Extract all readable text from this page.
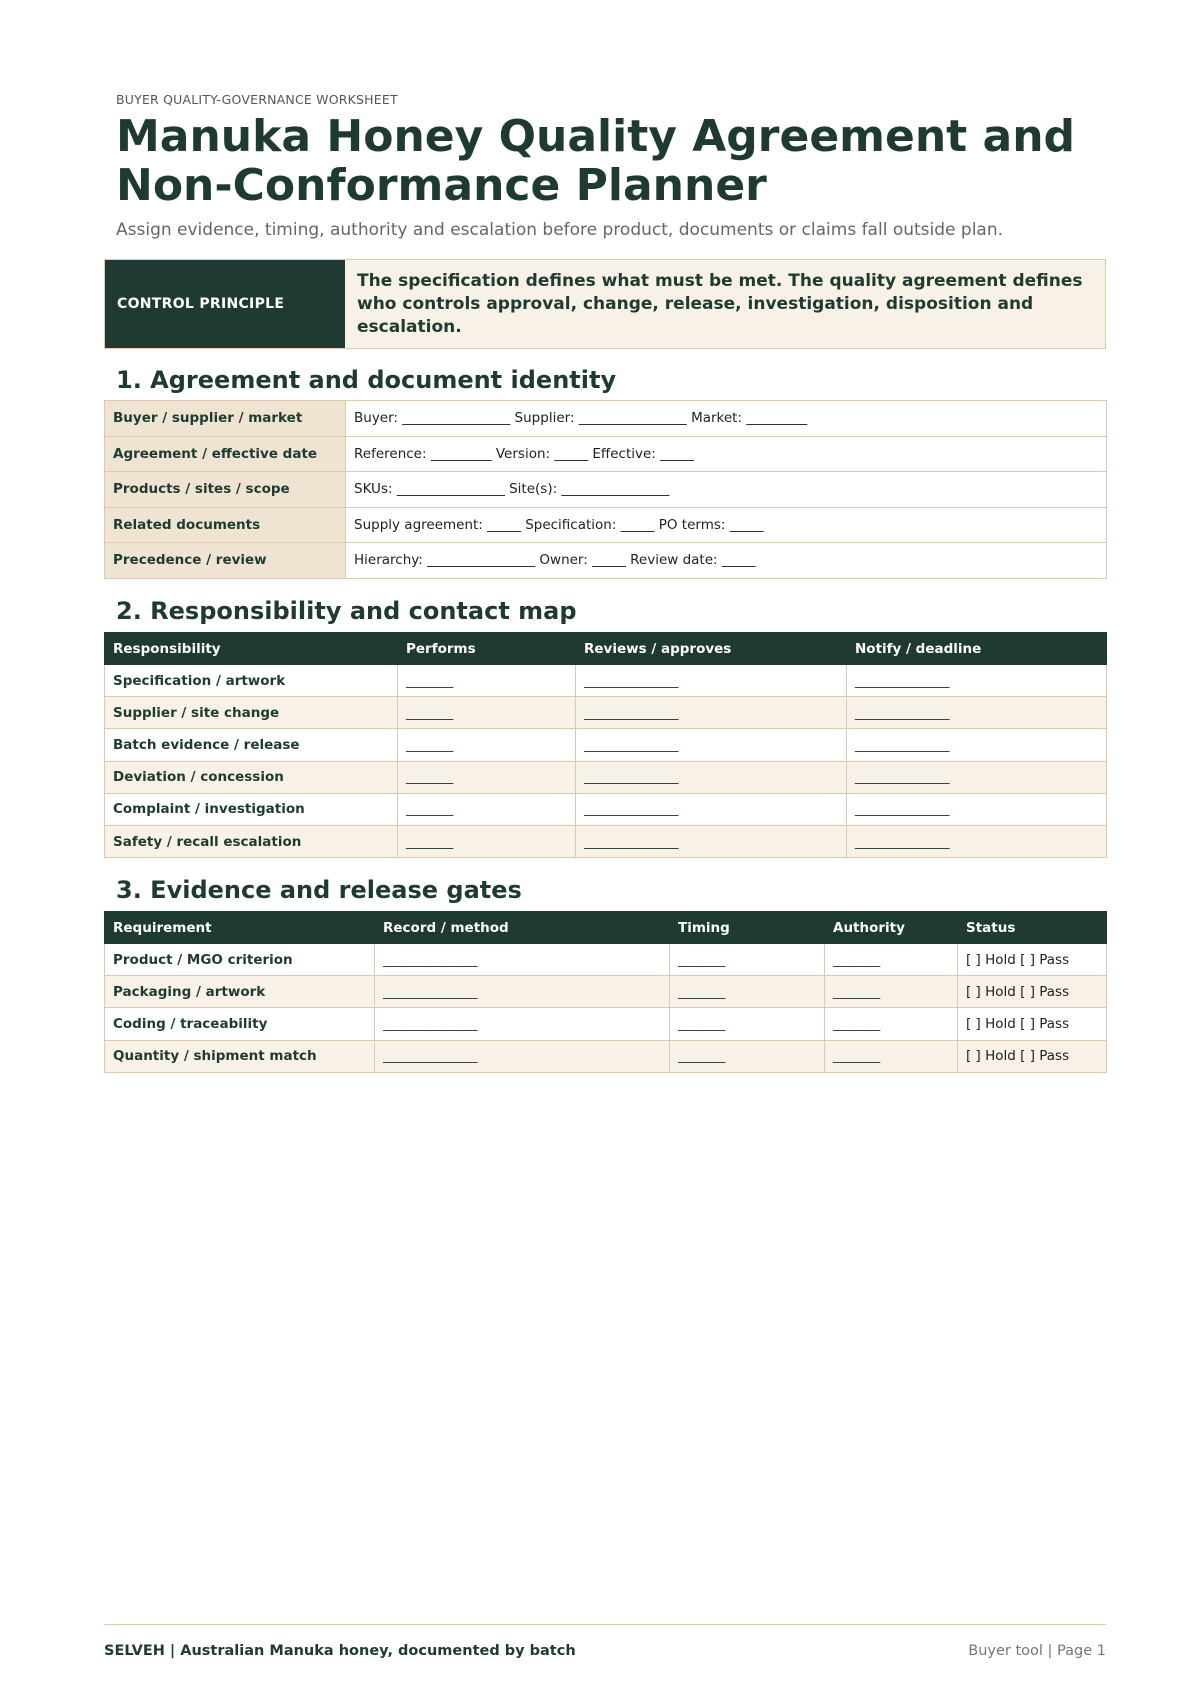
BUYER QUALITY-GOVERNANCE WORKSHEET
Manuka Honey Quality Agreement and Non-Conformance Planner
Assign evidence, timing, authority and escalation before product, documents or claims fall outside plan.
CONTROL PRINCIPLE
The specification defines what must be met. The quality agreement defines who controls approval, change, release, investigation, disposition and escalation.
1. Agreement and document identity
Buyer / supplier / market	Buyer: ________________ Supplier: ________________ Market: _________
Agreement / effective date	Reference: _________ Version: _____ Effective: _____
Products / sites / scope	SKUs: ________________ Site(s): ________________
Related documents	Supply agreement: _____ Specification: _____ PO terms: _____
Precedence / review	Hierarchy: ________________ Owner: _____ Review date: _____
2. Responsibility and contact map
Responsibility	Performs	Reviews / approves	Notify / deadline
Specification / artwork	_______	______________	______________
Supplier / site change	_______	______________	______________
Batch evidence / release	_______	______________	______________
Deviation / concession	_______	______________	______________
Complaint / investigation	_______	______________	______________
Safety / recall escalation	_______	______________	______________
3. Evidence and release gates
Requirement	Record / method	Timing	Authority	Status
Product / MGO criterion	______________	_______	_______	[ ] Hold [ ] Pass
Packaging / artwork	______________	_______	_______	[ ] Hold [ ] Pass
Coding / traceability	______________	_______	_______	[ ] Hold [ ] Pass
Quantity / shipment match	______________	_______	_______	[ ] Hold [ ] Pass
SELVEH | Australian Manuka honey, documented by batch	Buyer tool | Page 1
